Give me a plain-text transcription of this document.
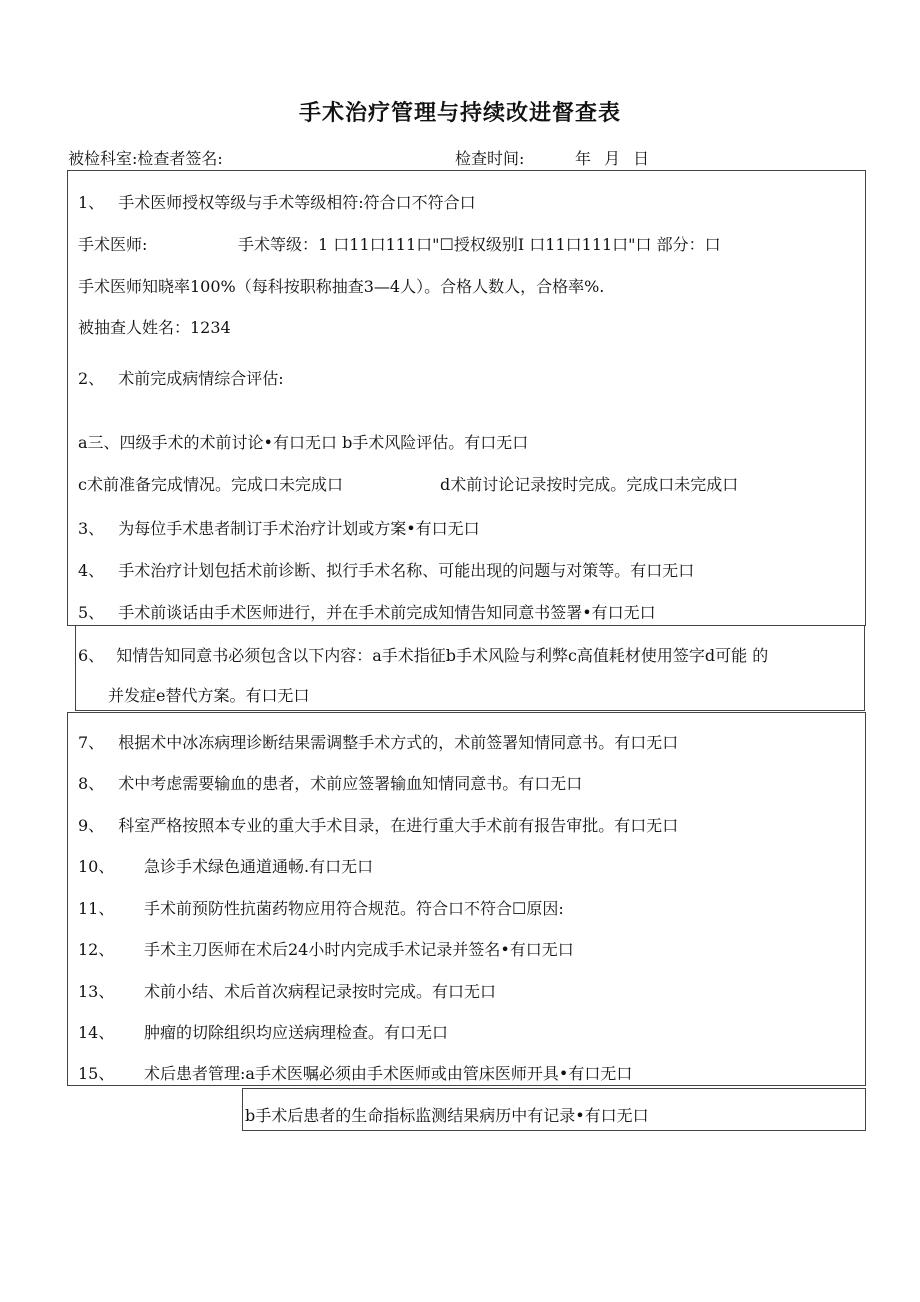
手术治疗管理与持续改进督查表
被检科室:检查者签名:	检查时间:	年 月 日
1、 手术医师授权等级与手术等级相符:符合口不符合口
手术医师:	手术等级：1 口11口111口"☐授权级别I 口11口111口"口 部分：口
手术医师知晓率100%（每科按职称抽查3—4人）。合格人数人，合格率%.
被抽查人姓名：1234
2、 术前完成病情综合评估:
a三、四级手术的术前讨论•有口无口 b手术风险评估。有口无口
c术前准备完成情况。完成口未完成口	d术前讨论记录按时完成。完成口未完成口
3、 为每位手术患者制订手术治疗计划或方案•有口无口
4、 手术治疗计划包括术前诊断、拟行手术名称、可能出现的问题与对策等。有口无口
5、 手术前谈话由手术医师进行，并在手术前完成知情告知同意书签署•有口无口
6、 知情告知同意书必须包含以下内容：a手术指征b手术风险与利弊c高值耗材使用签字d可能 的
并发症e替代方案。有口无口
7、 根据术中冰冻病理诊断结果需调整手术方式的，术前签署知情同意书。有口无口
8、 术中考虑需要输血的患者，术前应签署输血知情同意书。有口无口
9、 科室严格按照本专业的重大手术目录，在进行重大手术前有报告审批。有口无口
10、 急诊手术绿色通道通畅.有口无口
11、 手术前预防性抗菌药物应用符合规范。符合口不符合☐原因:
12、 手术主刀医师在术后24小时内完成手术记录并签名•有口无口
13、 术前小结、术后首次病程记录按时完成。有口无口
14、 肿瘤的切除组织均应送病理检查。有口无口
15、 术后患者管理:a手术医嘱必须由手术医师或由管床医师开具•有口无口
b手术后患者的生命指标监测结果病历中有记录•有口无口
